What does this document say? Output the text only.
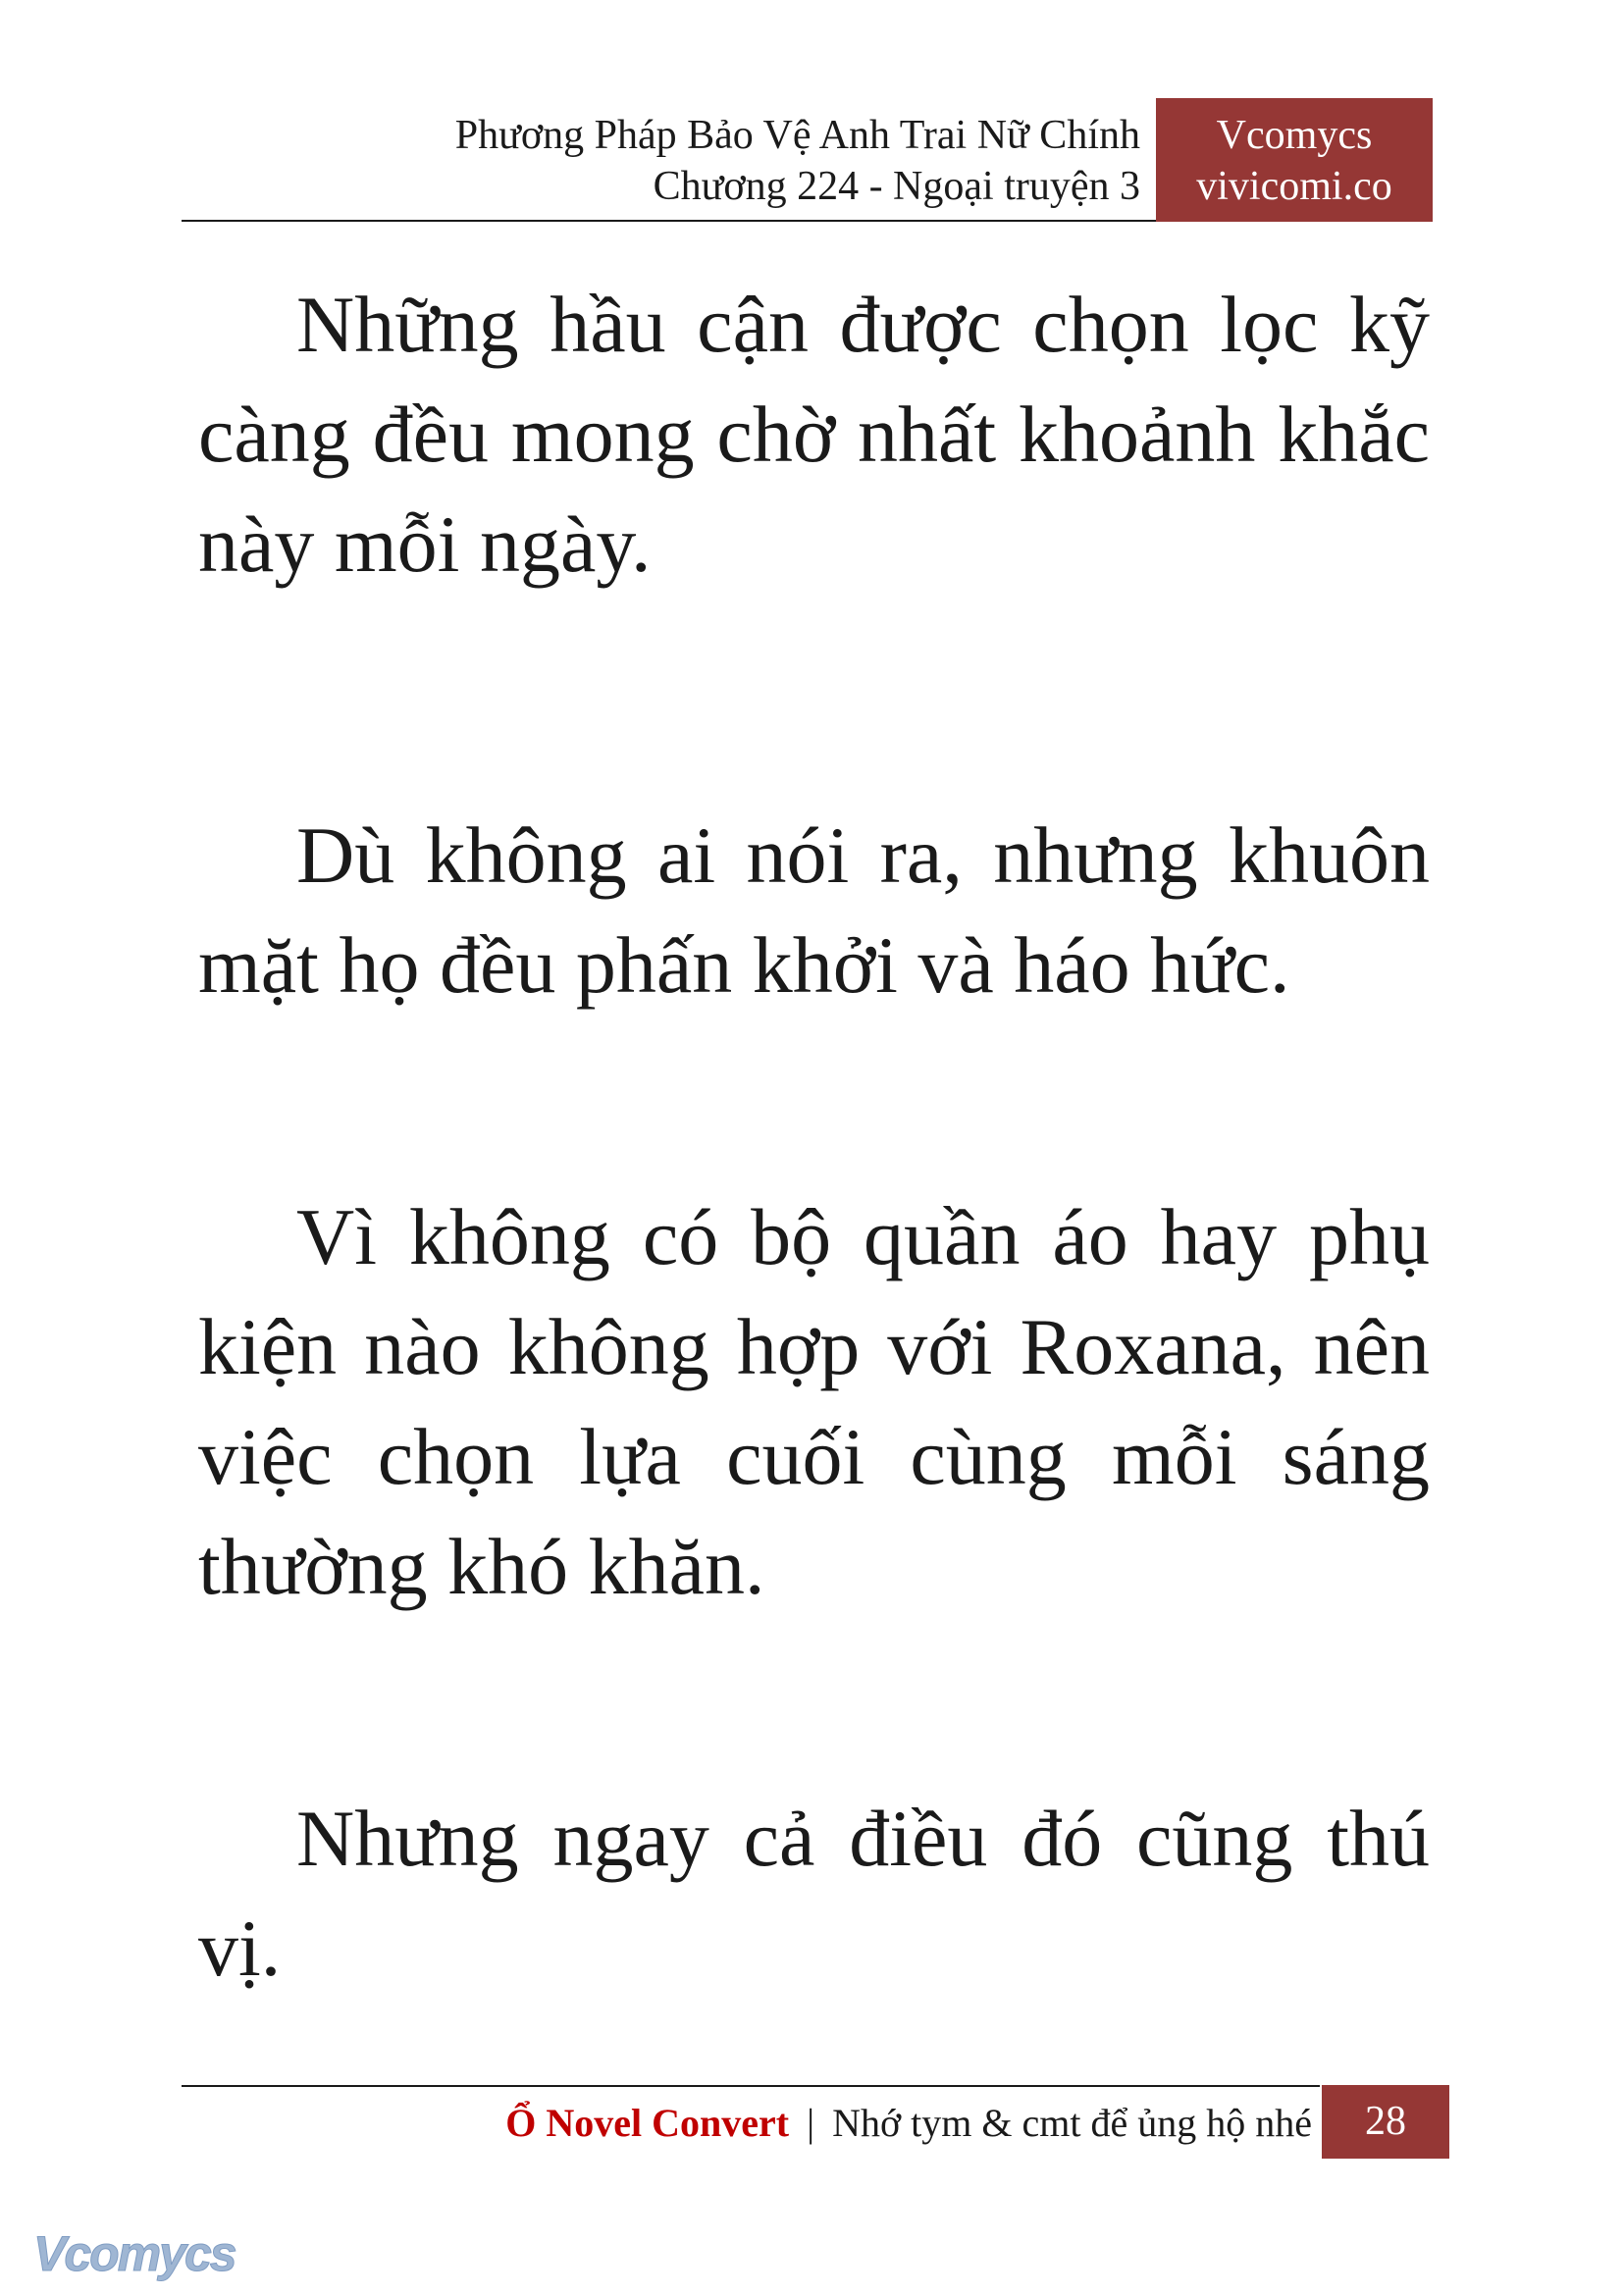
Phương Pháp Bảo Vệ Anh Trai Nữ Chính
Chương 224 - Ngoại truyện 3
Vcomycs
vivicomi.co

Những hầu cận được chọn lọc kỹ càng đều mong chờ nhất khoảnh khắc này mỗi ngày.

Dù không ai nói ra, nhưng khuôn mặt họ đều phấn khởi và háo hức.

Vì không có bộ quần áo hay phụ kiện nào không hợp với Roxana, nên việc chọn lựa cuối cùng mỗi sáng thường khó khăn.

Nhưng ngay cả điều đó cũng thú vị.

Ổ Novel Convert | Nhớ tym & cmt để ủng hộ nhé	28
Vcomycs
